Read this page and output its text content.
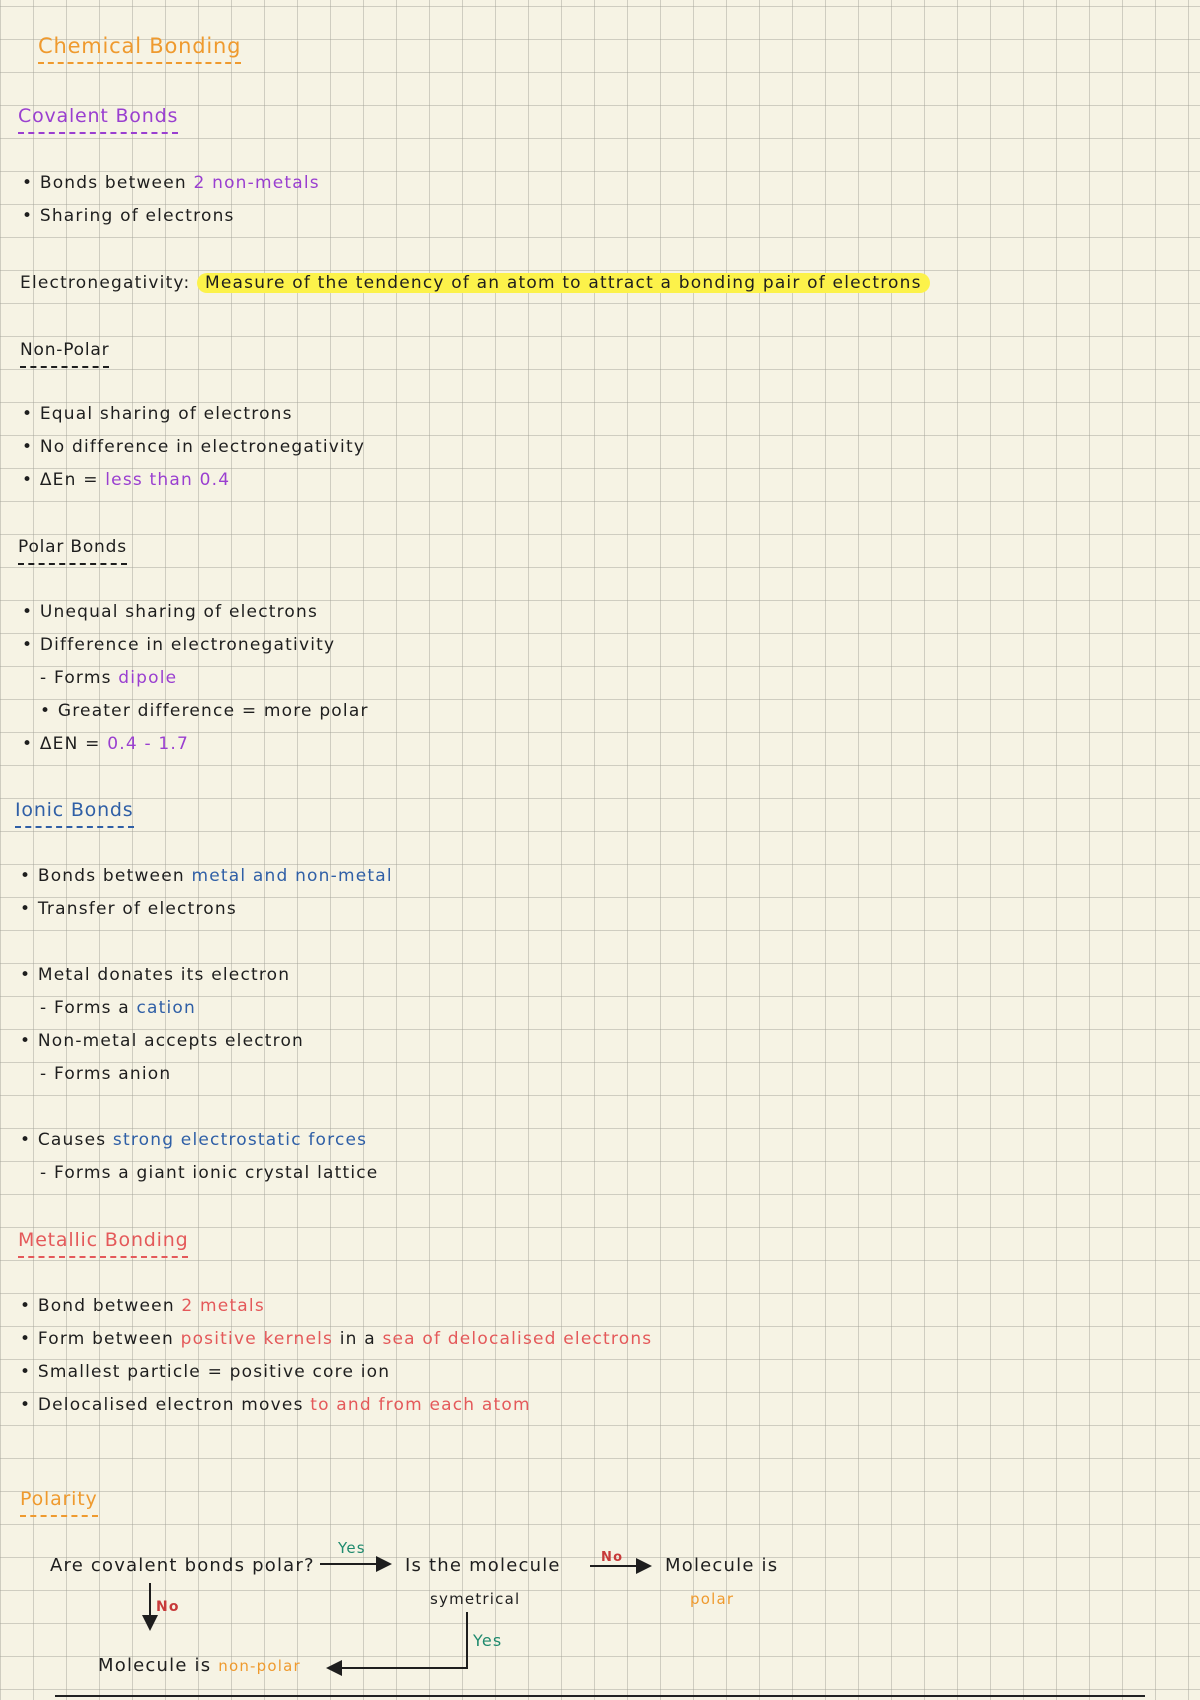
Chemical Bonding
Covalent Bonds
• Bonds between 2 non-metals
• Sharing of electrons
Electronegativity: Measure of the tendency of an atom to attract a bonding pair of electrons
Non-Polar
• Equal sharing of electrons
• No difference in electronegativity
• ΔEn = less than 0.4
Polar Bonds
• Unequal sharing of electrons
• Difference in electronegativity
- Forms dipole
• Greater difference = more polar
• ΔEN = 0.4 - 1.7
Ionic Bonds
• Bonds between metal and non-metal
• Transfer of electrons
• Metal donates its electron
- Forms a cation
• Non-metal accepts electron
- Forms anion
• Causes strong electrostatic forces
- Forms a giant ionic crystal lattice
Metallic Bonding
• Bond between 2 metals
• Form between positive kernels in a sea of delocalised electrons
• Smallest particle = positive core ion
• Delocalised electron moves to and from each atom
Polarity
Are covalent bonds polar?
Yes
Is the molecule
symetrical
No Molecule is
polar
No
Yes
Molecule is non-polar
